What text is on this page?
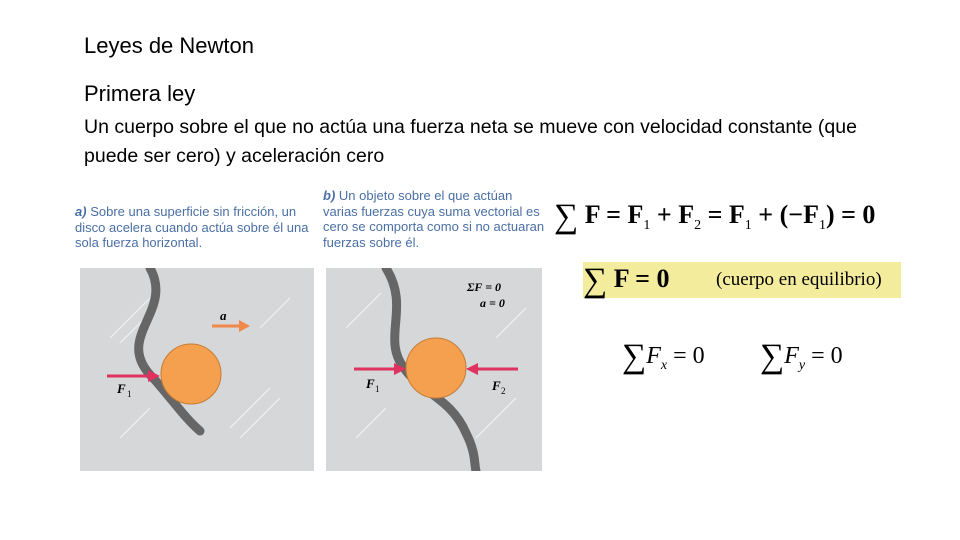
Leyes de Newton
Primera ley
Un cuerpo sobre el que no actúa una fuerza neta se mueve con velocidad constante (que puede ser cero) y aceleración cero
a) Sobre una superficie sin fricción, un disco acelera cuando actúa sobre él una sola fuerza horizontal.
b) Un objeto sobre el que actúan varias fuerzas cuya suma vectorial es cero se comporta como si no actuaran fuerzas sobre él.
F 1
a
ΣF = 0
a = 0
F 1	F 2
∑ $F = F_1 + F_2 = F_1 + (-F_1) = 0$
∑ F = 0 (cuerpo en equilibrio)
$\sum F_x = 0$ $\sum F_y = 0$
